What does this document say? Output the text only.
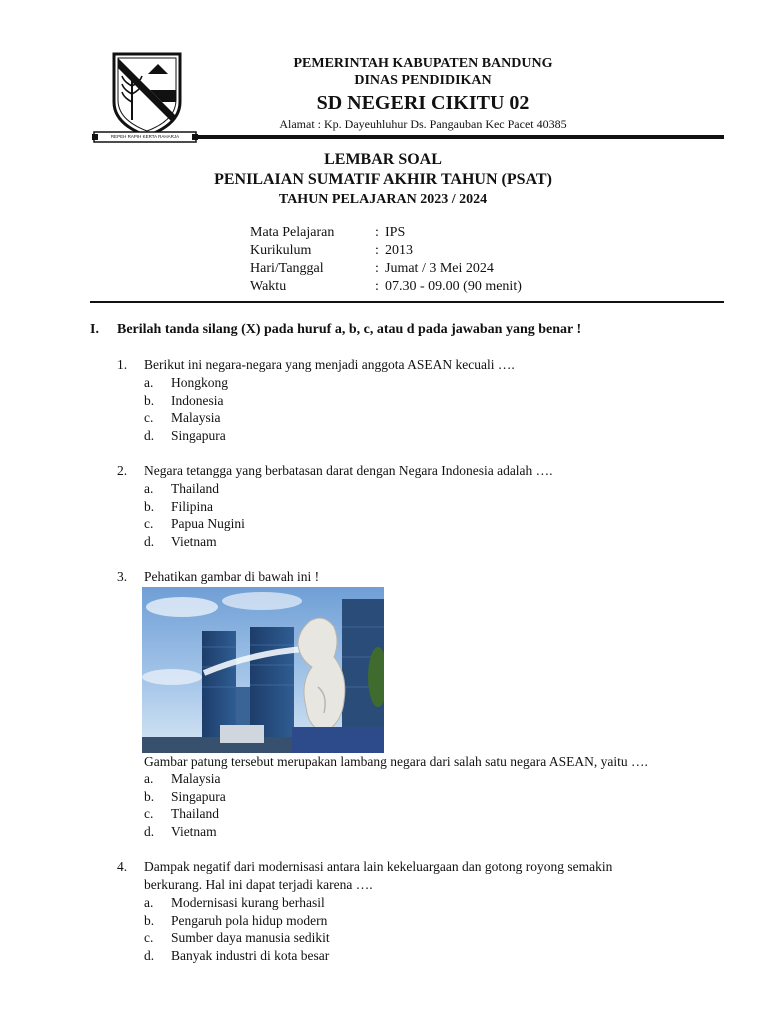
REPEH RAPIH KERTA RAHARJA
PEMERINTAH KABUPATEN BANDUNG
DINAS PENDIDIKAN
SD NEGERI CIKITU 02
Alamat : Kp. Dayeuhluhur Ds. Pangauban Kec Pacet 40385
LEMBAR SOAL
PENILAIAN SUMATIF AKHIR TAHUN (PSAT)
TAHUN PELAJARAN 2023 / 2024
Mata Pelajaran	: IPS
Kurikulum	: 2013
Hari/Tanggal	: Jumat / 3 Mei 2024
Waktu	: 07.30 - 09.00 (90 menit)
I. Berilah tanda silang (X) pada huruf a, b, c, atau d pada jawaban yang benar !
1. Berikut ini negara-negara yang menjadi anggota ASEAN kecuali ….
a. Hongkong
b. Indonesia
c. Malaysia
d. Singapura
2. Negara tetangga yang berbatasan darat dengan Negara Indonesia adalah ….
a. Thailand
b. Filipina
c. Papua Nugini
d. Vietnam
3. Pehatikan gambar di bawah ini !
Gambar patung tersebut merupakan lambang negara dari salah satu negara ASEAN, yaitu ….
a. Malaysia
b. Singapura
c. Thailand
d. Vietnam
4. Dampak negatif dari modernisasi antara lain kekeluargaan dan gotong royong semakin
berkurang. Hal ini dapat terjadi karena ….
a. Modernisasi kurang berhasil
b. Pengaruh pola hidup modern
c. Sumber daya manusia sedikit
d. Banyak industri di kota besar
